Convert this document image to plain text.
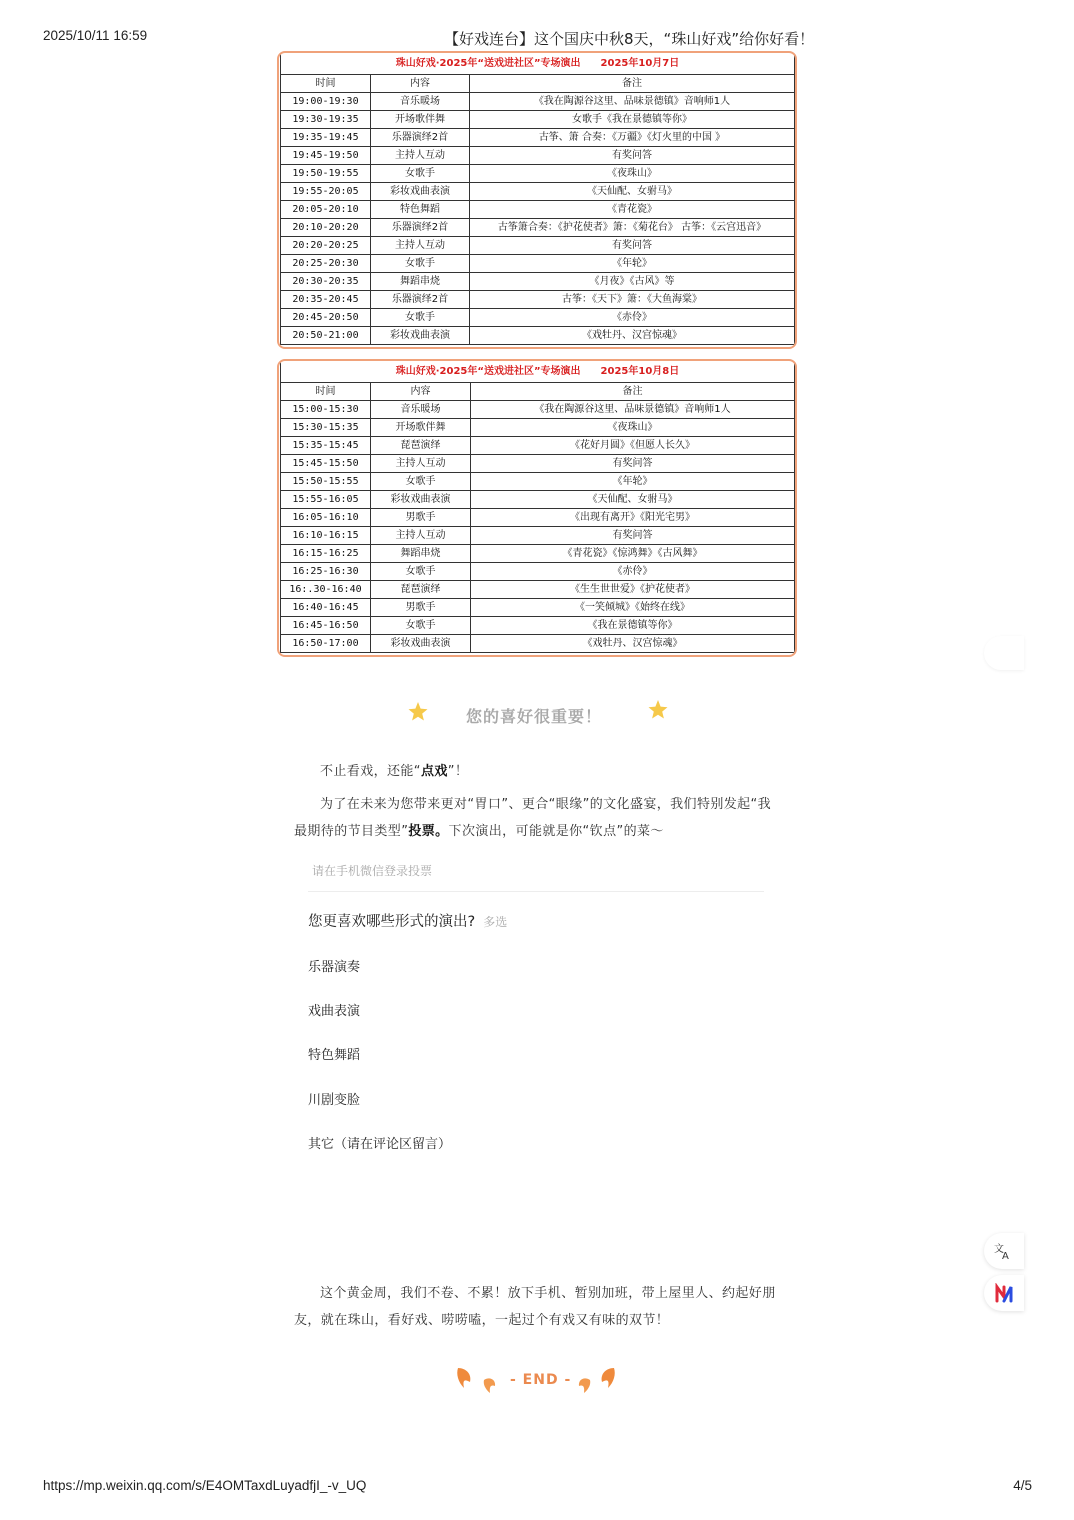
2025/10/11 16:59	【好戏连台】这个国庆中秋8天，“珠山好戏”给你好看！
珠山好戏·2025年“送戏进社区”专场演出　　2025年10月7日		
时间	内容	备注
19:00-19:30	音乐暖场	《我在陶源谷这里、品味景德镇》音响师1人
19:30-19:35	开场歌伴舞	女歌手《我在景德镇等你》
19:35-19:45	乐器演绎2首	古筝、箫 合奏：《万疆》《灯火里的中国 》
19:45-19:50	主持人互动	有奖问答
19:50-19:55	女歌手	《夜珠山》
19:55-20:05	彩妆戏曲表演	《天仙配、女驸马》
20:05-20:10	特色舞蹈	《青花瓷》
20:10-20:20	乐器演绎2首	古筝箫合奏：《护花使者》箫：《菊花台》 古筝：《云宫迅音》
20:20-20:25	主持人互动	有奖问答
20:25-20:30	女歌手	《年轮》
20:30-20:35	舞蹈串烧	《月夜》《古风》等
20:35-20:45	乐器演绎2首	古筝：《天下》箫：《大鱼海棠》
20:45-20:50	女歌手	《赤伶》
20:50-21:00	彩妆戏曲表演	《戏牡丹、汉宫惊魂》
珠山好戏·2025年“送戏进社区”专场演出　　2025年10月8日		
时间	内容	备注
15:00-15:30	音乐暖场	《我在陶源谷这里、品味景德镇》音响师1人
15:30-15:35	开场歌伴舞	《夜珠山》
15:35-15:45	琵琶演绎	《花好月圆》《但愿人长久》
15:45-15:50	主持人互动	有奖问答
15:50-15:55	女歌手	《年轮》
15:55-16:05	彩妆戏曲表演	《天仙配、女驸马》
16:05-16:10	男歌手	《出现有离开》《阳光宅男》
16:10-16:15	主持人互动	有奖问答
16:15-16:25	舞蹈串烧	《青花瓷》《惊鸿舞》《古风舞》
16:25-16:30	女歌手	《赤伶》
16:.30-16:40	琵琶演绎	《生生世世爱》《护花使者》
16:40-16:45	男歌手	《一笑倾城》《始终在线》
16:45-16:50	女歌手	《我在景德镇等你》
16:50-17:00	彩妆戏曲表演	《戏牡丹、汉宫惊魂》
您的喜好很重要！

不止看戏，还能“点戏”！

为了在未来为您带来更对“胃口”、更合“眼缘”的文化盛宴，我们特别发起“我最期待的节目类型”投票。下次演出，可能就是你“钦点”的菜～

请在手机微信登录投票
您更喜欢哪些形式的演出? 多选
乐器演奏
戏曲表演
特色舞蹈
川剧变脸
其它（请在评论区留言）

这个黄金周，我们不卷、不累！放下手机、暂别加班，带上屋里人、约起好朋友，就在珠山，看好戏、唠唠嗑，一起过个有戏又有味的双节！

- END -
文
A
https://mp.weixin.qq.com/s/E4OMTaxdLuyadfjI_-v_UQ	4/5
